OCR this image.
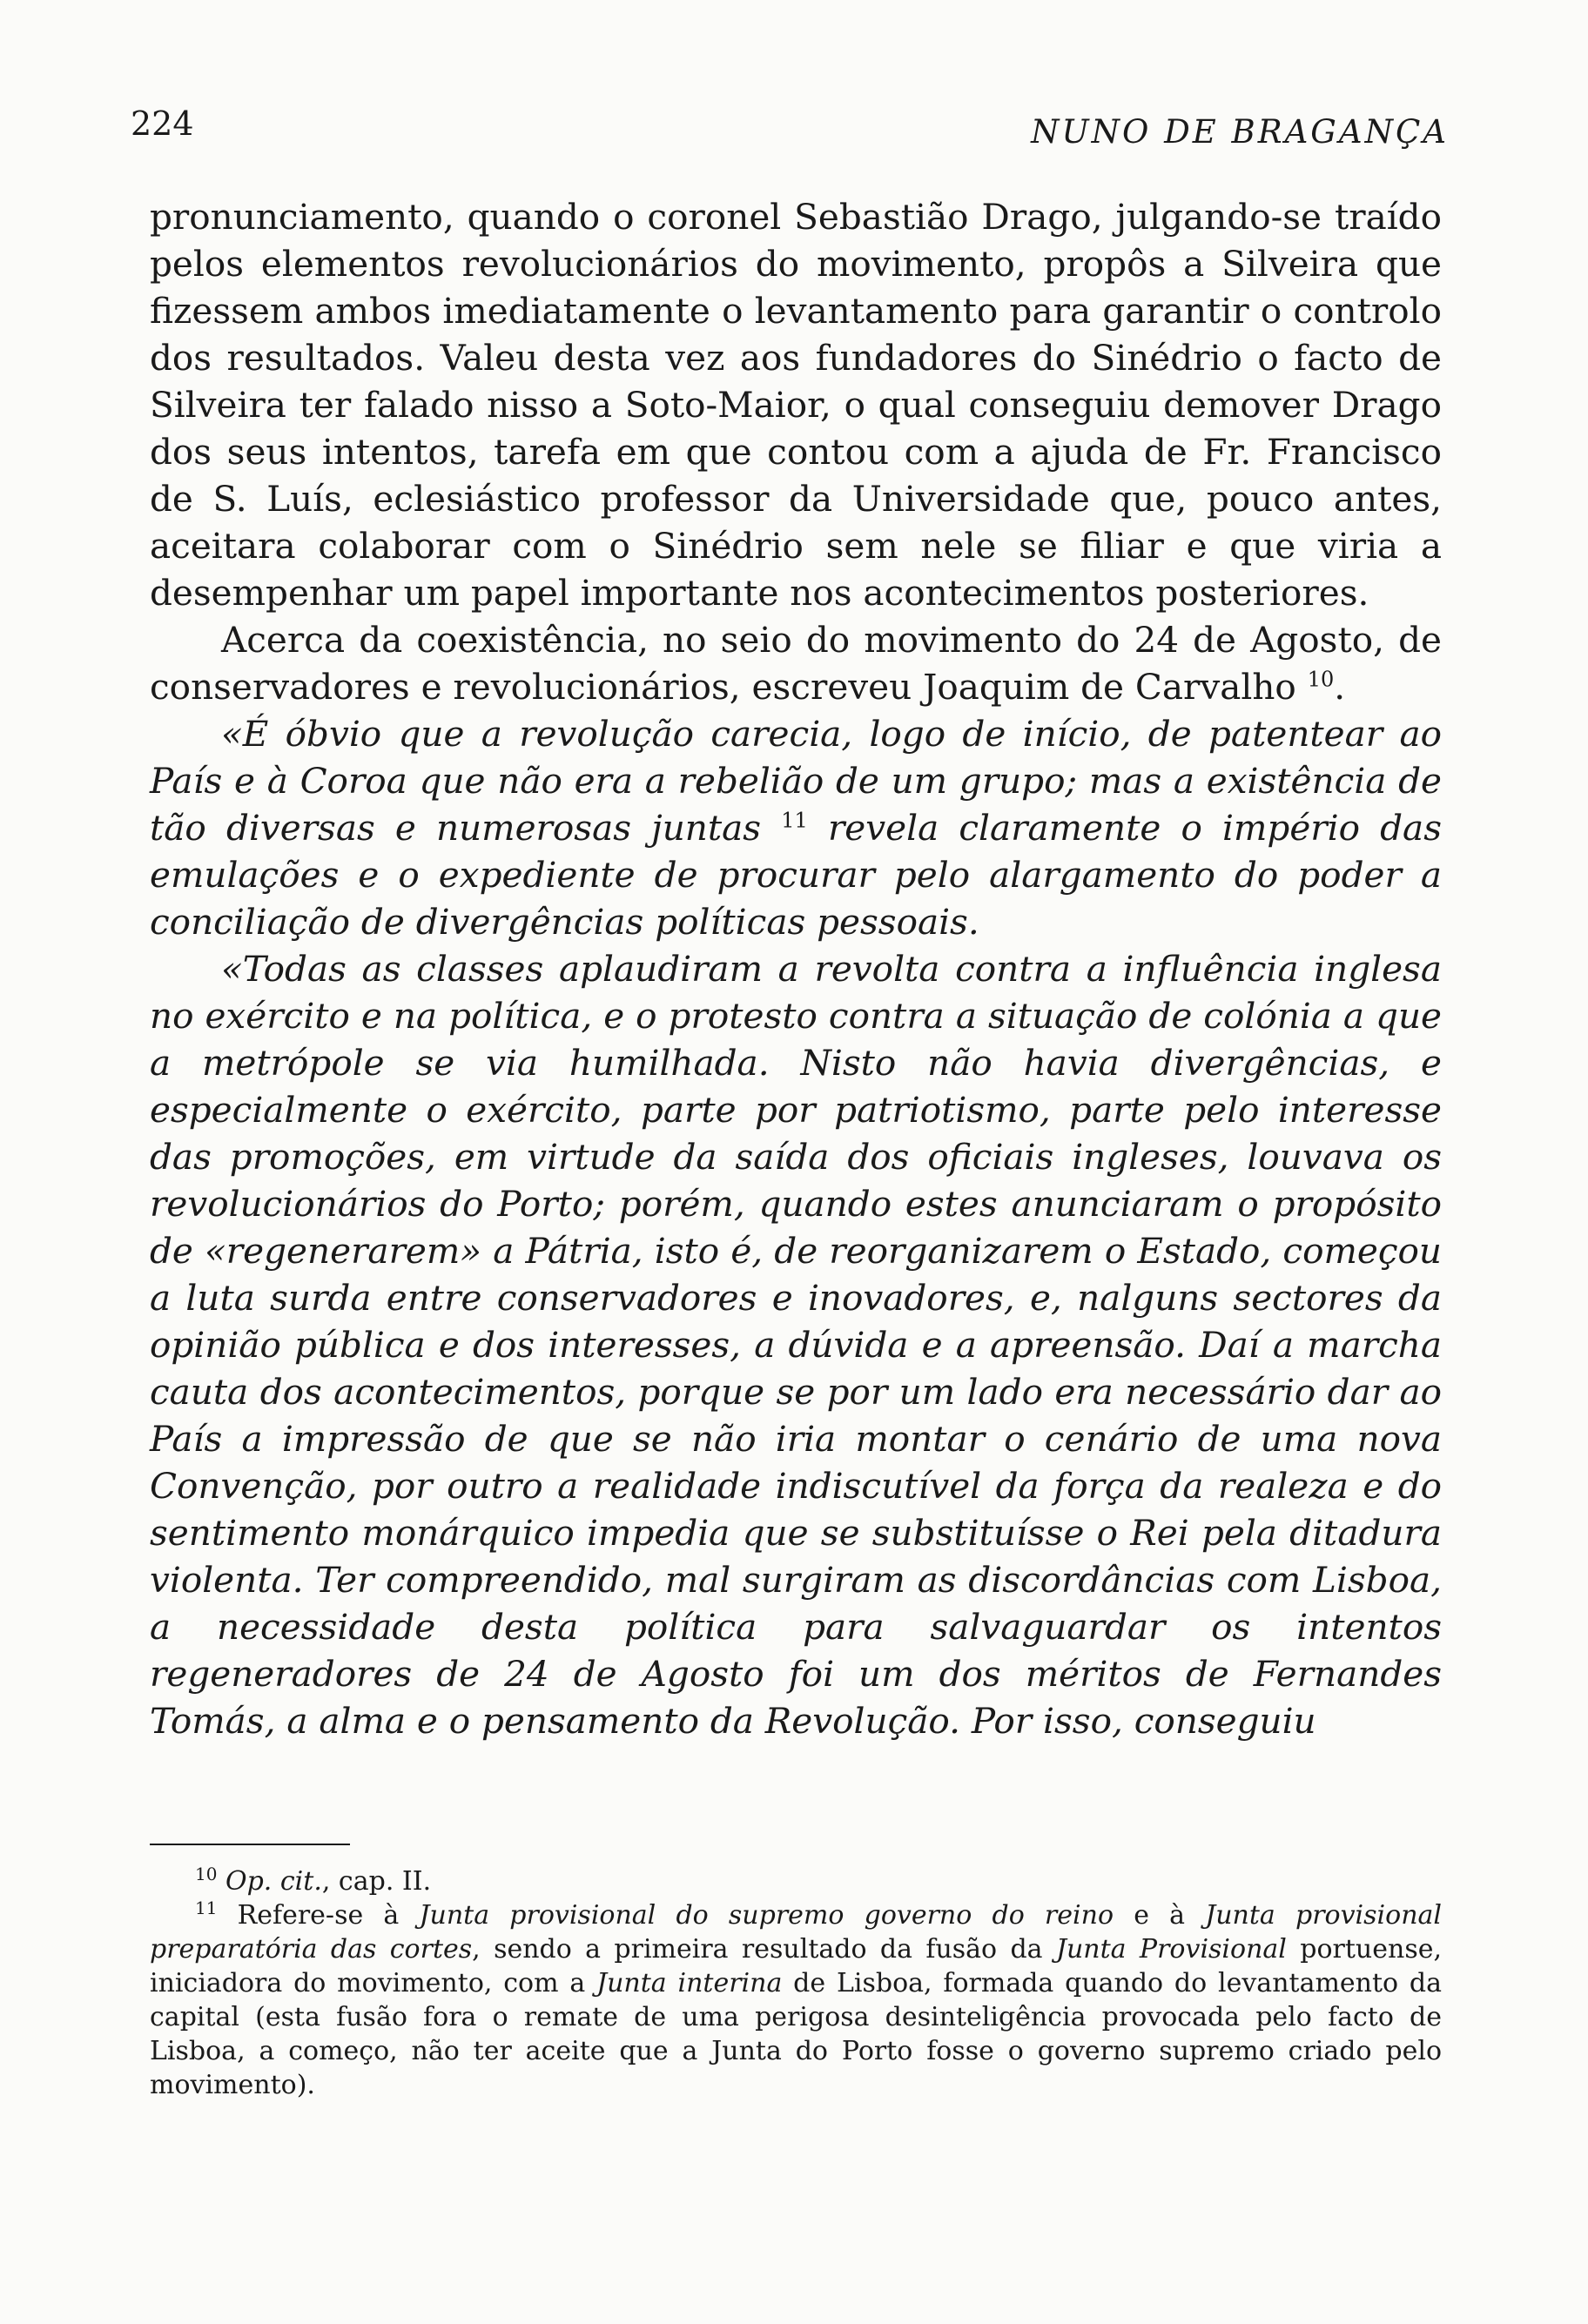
224	NUNO DE BRAGANÇA

pronunciamento, quando o coronel Sebastião Drago, julgando-se traído pelos elementos revolucionários do movimento, propôs a Silveira que fizessem ambos imediatamente o levantamento para garantir o controlo dos resultados. Valeu desta vez aos fundadores do Sinédrio o facto de Silveira ter falado nisso a Soto-Maior, o qual conseguiu demover Drago dos seus intentos, tarefa em que contou com a ajuda de Fr. Francisco de S. Luís, eclesiástico professor da Universidade que, pouco antes, aceitara colaborar com o Sinédrio sem nele se filiar e que viria a desempenhar um papel importante nos acontecimentos posteriores.

Acerca da coexistência, no seio do movimento do 24 de Agosto, de conservadores e revolucionários, escreveu Joaquim de Carvalho $^{10}$.

«É óbvio que a revolução carecia, logo de início, de patentear ao País e à Coroa que não era a rebelião de um grupo; mas a existência de tão diversas e numerosas juntas $^{11}$ revela claramente o império das emulações e o expediente de procurar pelo alargamento do poder a conciliação de divergências políticas pessoais.

«Todas as classes aplaudiram a revolta contra a influência inglesa no exército e na política, e o protesto contra a situação de colónia a que a metrópole se via humilhada. Nisto não havia divergências, e especialmente o exército, parte por patriotismo, parte pelo interesse das promoções, em virtude da saída dos oficiais ingleses, louvava os revolucionários do Porto; porém, quando estes anunciaram o propósito de «regenerarem» a Pátria, isto é, de reorganizarem o Estado, começou a luta surda entre conservadores e inovadores, e, nalguns sectores da opinião pública e dos interesses, a dúvida e a apreensão. Daí a marcha cauta dos acontecimentos, porque se por um lado era necessário dar ao País a impressão de que se não iria montar o cenário de uma nova Convenção, por outro a realidade indiscutível da força da realeza e do sentimento monárquico impedia que se substituísse o Rei pela ditadura violenta. Ter compreendido, mal surgiram as discordâncias com Lisboa, a necessidade desta política para salvaguardar os intentos regeneradores de 24 de Agosto foi um dos méritos de Fernandes Tomás, a alma e o pensamento da Revolução. Por isso, conseguiu

$^{10}$ Op. cit., cap. II.

$^{11}$ Refere-se à Junta provisional do supremo governo do reino e à Junta provisional preparatória das cortes, sendo a primeira resultado da fusão da Junta Provisional portuense, iniciadora do movimento, com a Junta interina de Lisboa, formada quando do levantamento da capital (esta fusão fora o remate de uma perigosa desinteligência provocada pelo facto de Lisboa, a começo, não ter aceite que a Junta do Porto fosse o governo supremo criado pelo movimento).
